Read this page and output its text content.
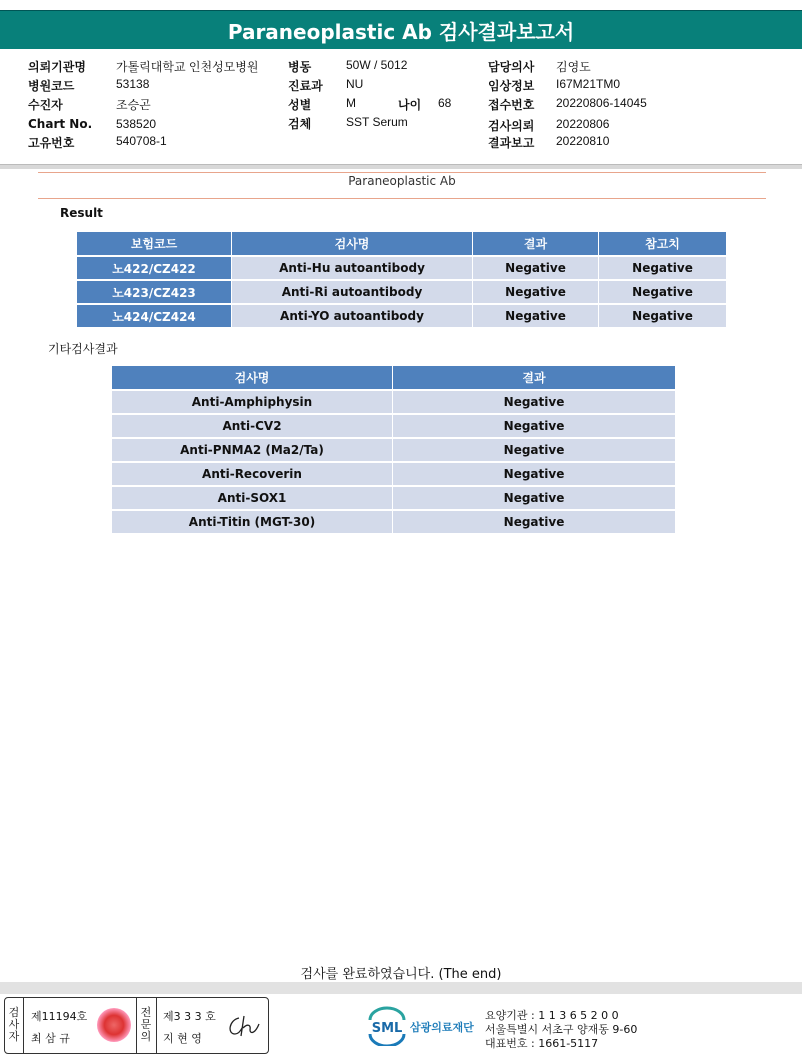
Paraneoplastic Ab 검사결과보고서
의뢰기관명	가톨릭대학교 인천성모병원
병원코드	53138
수진자	조승곤
Chart No. 538520
고유번호	540708-1
병동	50W / 5012
진료과 NU
성별	M	나이 68
검체	SST Serum
담당의사 김영도
임상정보 I67M21TM0
접수번호 20220806-14045
검사의뢰 20220806
결과보고 20220810
Paraneoplastic Ab
Result
보험코드	검사명	결과	참고치
노422/CZ422	Anti-Hu autoantibody	Negative	Negative
노423/CZ423	Anti-Ri autoantibody	Negative	Negative
노424/CZ424	Anti-YO autoantibody	Negative	Negative
기타검사결과
검사명	결과
Anti-Amphiphysin	Negative
Anti-CV2	Negative
Anti-PNMA2 (Ma2/Ta)	Negative
Anti-Recoverin	Negative
Anti-SOX1	Negative
Anti-Titin (MGT-30)	Negative
검사를 완료하였습니다. (The end)
검사자
제11194호
최 삼 규
전문의
제3 3 3 호
지 현 영
SML 삼광의료재단
요양기관 : 1 1 3 6 5 2 0 0
서울특별시 서초구 양재동 9-60
대표번호 : 1661-5117
